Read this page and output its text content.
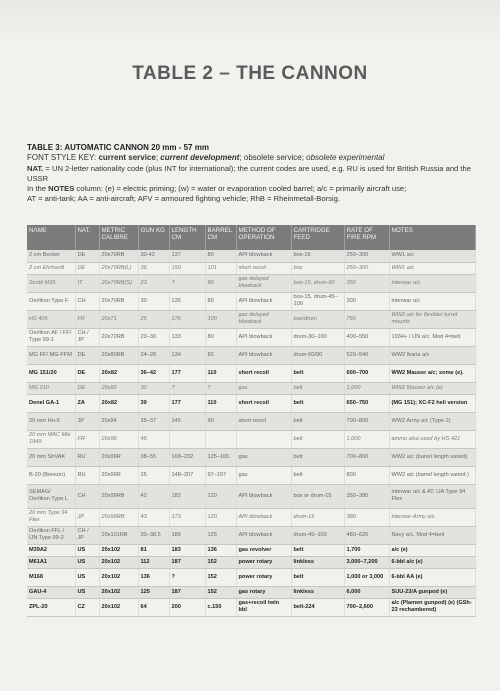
TABLE 2 – THE CANNON
TABLE 3: AUTOMATIC CANNON 20 mm - 57 mm
FONT STYLE KEY: current service; current development; obsolete service; obsolete experimental
NAT. = UN 2-letter nationality code (plus INT for international); the current codes are used, e.g. RU is used for British Russia and the USSR
In the NOTES column: (e) = electric priming; (w) = water or evaporation cooled barrel; a/c = primarily aircraft use;
AT = anti-tank; AA = anti-aircraft; AFV = armoured fighting vehicle; RhB = Rheinmetall-Borsig.
NAME	NAT.	METRIC CALIBRE	GUN KG	LENGTH CM	BARREL CM	METHOD OF OPERATION	CARTRIDGE FEED	RATE OF FIRE RPM	NOTES
2 cm Becker	DE	20x70RB	30-42	137	80	API blowback	box-15	250–300	WW1 a/c
2 cm Ehrhardt	DE	20x70RB(L)	36	150	101	short recoil	box	250–300	WW1 a/c
Scotti M35	IT	20x70RB(S)	23	?	80	gas delayed blowback	box-15, drum-60	350	interwar a/c
Oerlikon Type F	CH	20x70RB	30	135	80	API blowback	box-15, drum-45–100	300	interwar a/c
HS 405	FR	20x71	25	176	100	gas delayed blowback	box/drum	760	WW2 a/c for flexible/ turret mounts
Oerlikon AF / FF/ Type 99-1	CH / JP	20x72RB	23–30	133	80	API blowback	drum-30–100	400–550	1934+ / IJN a/c. Mod 4=belt
MG FF/ MG-FFM	DE	20x80RB	24–28	134	82	API blowback	drum-60/90	520–540	WW2 Ikaria a/c
MG 151/20	DE	20x82	36–42	177	110	short recoil	belt	600–700	WW2 Mauser a/c; some (e).
MG 210	DE	20x82	32	?	?	gas	belt	1,000	WW2 Mauser a/c (e)
Denel GA-1	ZA	20x82	39	177	110	short recoil	belt	650–750	(MG 151); XC-F2 heli version
20 mm Ho-5	JP	20x94	35–37	145	90	short recoil	belt	700–800	WW2 Army a/c (Type 2)
20 mm MAC Mle 1949	FR	20x96	45				belt	1,000	ammo also used by HS 421
20 mm ShVAK	RU	20x99R	38–55	168–232	125–165	gas	belt	700–800	WW2 a/c (barrel length varied)
B-20 (Berezin)	RU	20x99R	25	148–207	97–157	gas	belt	800	WW2 a/c (barrel length varied )
SEMAG/ Oerlikon Type L	CH	20x99RB	42	182	120	API blowback	box or drum-15	350–380	interwar a/c & AT; IJA Type 94 Flex
20 mm Type 94 Flex	JP	20x99RB	43	173	120	API blowback	drum-15	380	interwar Army a/c
Oerlikon FFL / IJN Type 99-2	CH / JP	20x101RB	30–38.5	189	125	API blowback	drum-45–100	480–620	Navy a/c. Mod 4=belt
M39A2	US	20x102	81	183	136	gas revolver	belt	1,700	a/c (e)
M61A1	US	20x102	112	187	152	power rotary	linkless	3,000–7,200	6-bbl a/c (e)
M168	US	20x102	136	?	152	power rotary	belt	1,000 or 3,000	6-bbl AA (e)
GAU-4	US	20x102	125	187	152	gas rotary	linkless	6,000	SUU-23/A gunpod (e)
ZPL-20	CZ	20x102	64	200	c.150	gas+recoil twin bbl	belt-224	700–2,600	a/c (Plamen gunpod) (e) (GSh-23 rechambered)
